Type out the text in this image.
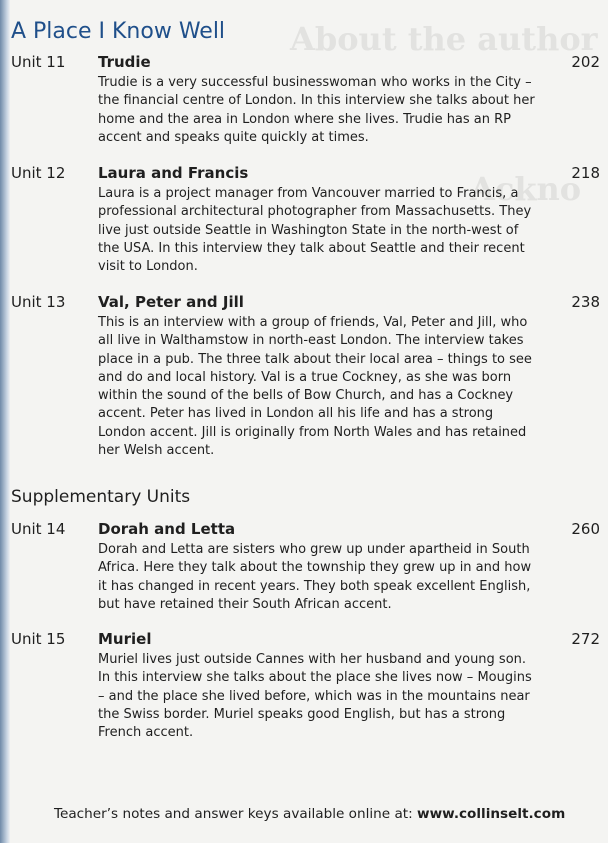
About the author
Ackno
A Place I Know Well
Unit 11 Trudie	202

Trudie is a very successful businesswoman who works in the City – the financial centre of London. In this interview she talks about her home and the area in London where she lives. Trudie has an RP accent and speaks quite quickly at times.

Unit 12 Laura and Francis	218

Laura is a project manager from Vancouver married to Francis, a professional architectural photographer from Massachusetts. They live just outside Seattle in Washington State in the north-west of the USA. In this interview they talk about Seattle and their recent visit to London.

Unit 13 Val, Peter and Jill	238

This is an interview with a group of friends, Val, Peter and Jill, who all live in Walthamstow in north-east London. The interview takes place in a pub. The three talk about their local area – things to see and do and local history. Val is a true Cockney, as she was born within the sound of the bells of Bow Church, and has a Cockney accent. Peter has lived in London all his life and has a strong London accent. Jill is originally from North Wales and has retained her Welsh accent.

Supplementary Units
Unit 14 Dorah and Letta	260

Dorah and Letta are sisters who grew up under apartheid in South Africa. Here they talk about the township they grew up in and how it has changed in recent years. They both speak excellent English, but have retained their South African accent.

Unit 15 Muriel	272

Muriel lives just outside Cannes with her husband and young son. In this interview she talks about the place she lives now – Mougins – and the place she lived before, which was in the mountains near the Swiss border. Muriel speaks good English, but has a strong French accent.

Teacher’s notes and answer keys available online at: www.collinselt.com
